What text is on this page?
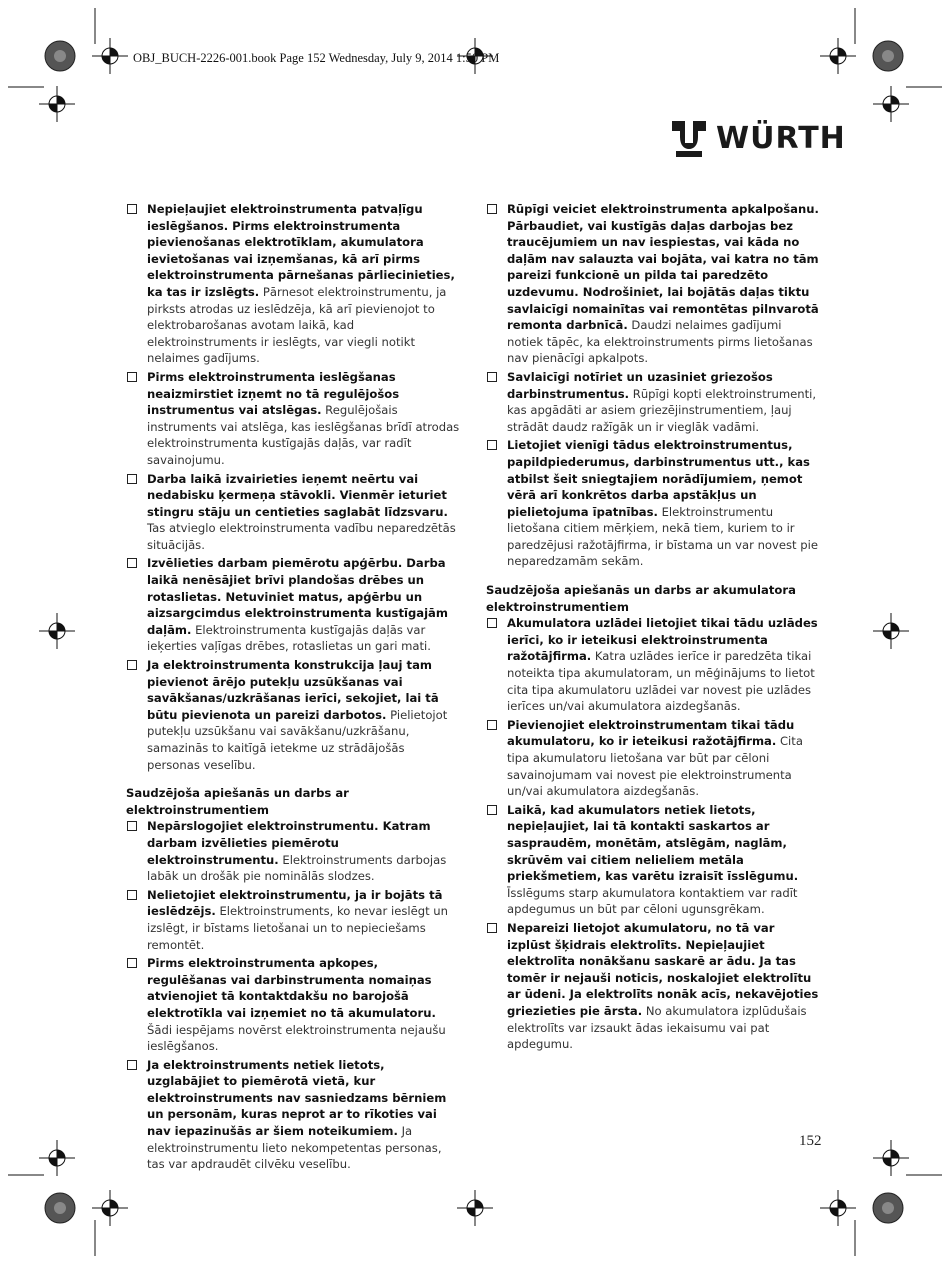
OBJ_BUCH-2226-001.book Page 152 Wednesday, July 9, 2014 1:50 PM
WÜRTH
Nepieļaujiet elektroinstrumenta patvaļīgu ieslēgšanos. Pirms elektroinstrumenta pievienošanas elektrotīklam, akumulatora ievietošanas vai izņemšanas, kā arī pirms elektroinstrumenta pārnešanas pārliecinieties, ka tas ir izslēgts. Pārnesot elektroinstrumentu, ja pirksts atrodas uz ieslēdzēja, kā arī pievienojot to elektrobarošanas avotam laikā, kad elektroinstruments ir ieslēgts, var viegli notikt nelaimes gadījums.
Pirms elektroinstrumenta ieslēgšanas neaizmirstiet izņemt no tā regulējošos instrumentus vai atslēgas. Regulējošais instruments vai atslēga, kas ieslēgšanas brīdī atrodas elektroinstrumenta kustīgajās daļās, var radīt savainojumu.
Darba laikā izvairieties ieņemt neērtu vai nedabisku ķermeņa stāvokli. Vienmēr ieturiet stingru stāju un centieties saglabāt līdzsvaru. Tas atvieglo elektroinstrumenta vadību neparedzētās situācijās.
Izvēlieties darbam piemērotu apģērbu. Darba laikā nenēsājiet brīvi plandošas drēbes un rotaslietas. Netuviniet matus, apģērbu un aizsargcimdus elektroinstrumenta kustīgajām daļām. Elektroinstrumenta kustīgajās daļās var ieķerties vaļīgas drēbes, rotaslietas un gari mati.
Ja elektroinstrumenta konstrukcija ļauj tam pievienot ārējo putekļu uzsūkšanas vai savākšanas/uzkrāšanas ierīci, sekojiet, lai tā būtu pievienota un pareizi darbotos. Pielietojot putekļu uzsūkšanu vai savākšanu/uzkrāšanu, samazinās to kaitīgā ietekme uz strādājošās personas veselību.
Saudzējoša apiešanās un darbs ar elektroinstrumentiem
Nepārslogojiet elektroinstrumentu. Katram darbam izvēlieties piemērotu elektroinstrumentu. Elektroinstruments darbojas labāk un drošāk pie nominālās slodzes.
Nelietojiet elektroinstrumentu, ja ir bojāts tā ieslēdzējs. Elektroinstruments, ko nevar ieslēgt un izslēgt, ir bīstams lietošanai un to nepieciešams remontēt.
Pirms elektroinstrumenta apkopes, regulēšanas vai darbinstrumenta nomaiņas atvienojiet tā kontaktdakšu no barojošā elektrotīkla vai izņemiet no tā akumulatoru. Šādi iespējams novērst elektroinstrumenta nejaušu ieslēgšanos.
Ja elektroinstruments netiek lietots, uzglabājiet to piemērotā vietā, kur elektroinstruments nav sasniedzams bērniem un personām, kuras neprot ar to rīkoties vai nav iepazinušās ar šiem noteikumiem. Ja elektroinstrumentu lieto nekompetentas personas, tas var apdraudēt cilvēku veselību.
Rūpīgi veiciet elektroinstrumenta apkalpošanu. Pārbaudiet, vai kustīgās daļas darbojas bez traucējumiem un nav iespiestas, vai kāda no daļām nav salauzta vai bojāta, vai katra no tām pareizi funkcionē un pilda tai paredzēto uzdevumu. Nodrošiniet, lai bojātās daļas tiktu savlaicīgi nomainītas vai remontētas pilnvarotā remonta darbnīcā. Daudzi nelaimes gadījumi notiek tāpēc, ka elektroinstruments pirms lietošanas nav pienācīgi apkalpots.
Savlaicīgi notīriet un uzasiniet griezošos darbinstrumentus. Rūpīgi kopti elektroinstrumenti, kas apgādāti ar asiem griezējinstrumentiem, ļauj strādāt daudz ražīgāk un ir vieglāk vadāmi.
Lietojiet vienīgi tādus elektroinstrumentus, papildpiederumus, darbinstrumentus utt., kas atbilst šeit sniegtajiem norādījumiem, ņemot vērā arī konkrētos darba apstākļus un pielietojuma īpatnības. Elektroinstrumentu lietošana citiem mērķiem, nekā tiem, kuriem to ir paredzējusi ražotājfirma, ir bīstama un var novest pie neparedzamām sekām.
Saudzējoša apiešanās un darbs ar akumulatora elektroinstrumentiem
Akumulatora uzlādei lietojiet tikai tādu uzlādes ierīci, ko ir ieteikusi elektroinstrumenta ražotājfirma. Katra uzlādes ierīce ir paredzēta tikai noteikta tipa akumulatoram, un mēģinājums to lietot cita tipa akumulatoru uzlādei var novest pie uzlādes ierīces un/vai akumulatora aizdegšanās.
Pievienojiet elektroinstrumentam tikai tādu akumulatoru, ko ir ieteikusi ražotājfirma. Cita tipa akumulatoru lietošana var būt par cēloni savainojumam vai novest pie elektroinstrumenta un/vai akumulatora aizdegšanās.
Laikā, kad akumulators netiek lietots, nepieļaujiet, lai tā kontakti saskartos ar saspraudēm, monētām, atslēgām, naglām, skrūvēm vai citiem nelieliem metāla priekšmetiem, kas varētu izraisīt īsslēgumu. Īsslēgums starp akumulatora kontaktiem var radīt apdegumus un būt par cēloni ugunsgrēkam.
Nepareizi lietojot akumulatoru, no tā var izplūst šķidrais elektrolīts. Nepieļaujiet elektrolīta nonākšanu saskarē ar ādu. Ja tas tomēr ir nejauši noticis, noskalojiet elektrolītu ar ūdeni. Ja elektrolīts nonāk acīs, nekavējoties griezieties pie ārsta. No akumulatora izplūdušais elektrolīts var izsaukt ādas iekaisumu vai pat apdegumu.
152
